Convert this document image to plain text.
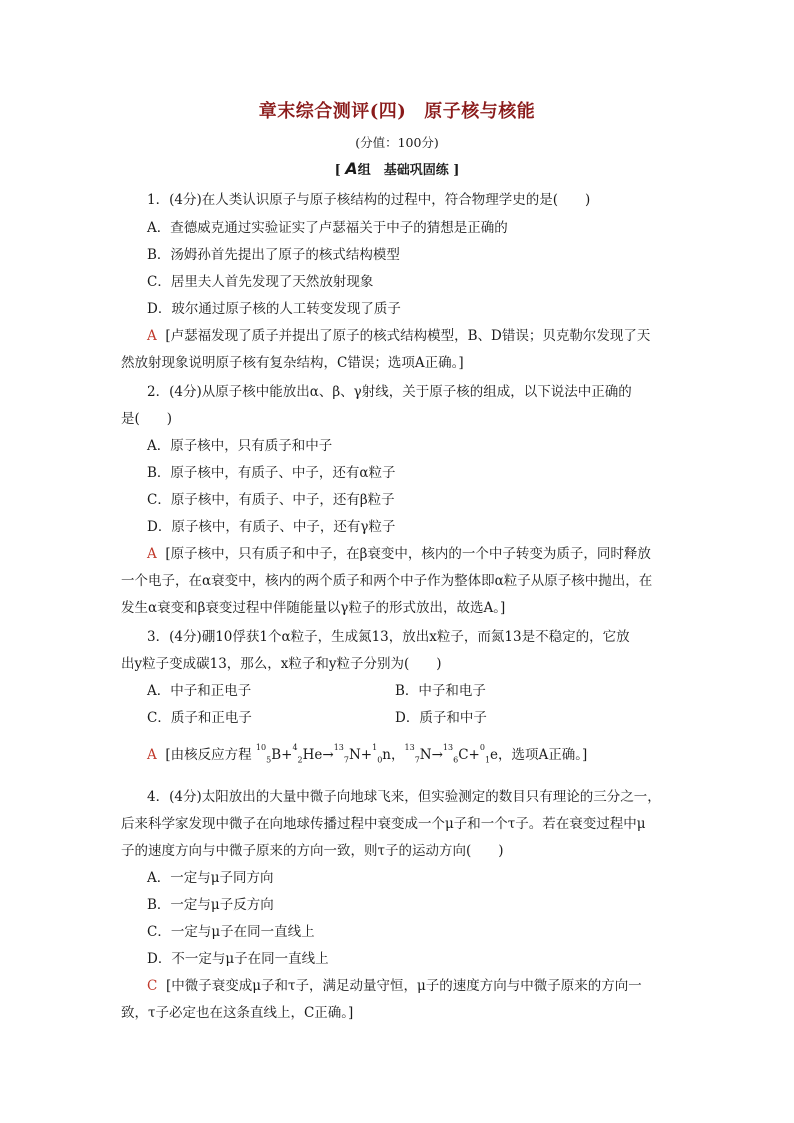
章末综合测评(四) 原子核与核能
(分值：100分)
[ A组　基础巩固练 ]
1．(4分)在人类认识原子与原子核结构的过程中，符合物理学史的是(　　)
A．查德威克通过实验证实了卢瑟福关于中子的猜想是正确的
B．汤姆孙首先提出了原子的核式结构模型
C．居里夫人首先发现了天然放射现象
D．玻尔通过原子核的人工转变发现了质子
A [卢瑟福发现了质子并提出了原子的核式结构模型，B、D错误；贝克勒尔发现了天
然放射现象说明原子核有复杂结构，C错误；选项A正确。]
2．(4分)从原子核中能放出α、β、γ射线，关于原子核的组成，以下说法中正确的
是(　　)
A．原子核中，只有质子和中子
B．原子核中，有质子、中子，还有α粒子
C．原子核中，有质子、中子，还有β粒子
D．原子核中，有质子、中子，还有γ粒子
A [原子核中，只有质子和中子，在β衰变中，核内的一个中子转变为质子，同时释放
一个电子，在α衰变中，核内的两个质子和两个中子作为整体即α粒子从原子核中抛出，在
发生α衰变和β衰变过程中伴随能量以γ粒子的形式放出，故选A。]
3．(4分)硼10俘获1个α粒子，生成氮13，放出x粒子，而氮13是不稳定的，它放
出y粒子变成碳13，那么，x粒子和y粒子分别为(　　)
A．中子和正电子	B．中子和电子
C．质子和正电子	D．质子和中子
A [由核反应方程 $^{10}_5$B+$^4_2$He→$^{13}_7$N+$^1_0$n，$^{13}_7$N→$^{13}_6$C+$^0_1$e，选项A正确。]
4．(4分)太阳放出的大量中微子向地球飞来，但实验测定的数目只有理论的三分之一，
后来科学家发现中微子在向地球传播过程中衰变成一个μ子和一个τ子。若在衰变过程中μ
子的速度方向与中微子原来的方向一致，则τ子的运动方向(　　)
A．一定与μ子同方向
B．一定与μ子反方向
C．一定与μ子在同一直线上
D．不一定与μ子在同一直线上
C [中微子衰变成μ子和τ子，满足动量守恒，μ子的速度方向与中微子原来的方向一
致，τ子必定也在这条直线上，C正确。]
